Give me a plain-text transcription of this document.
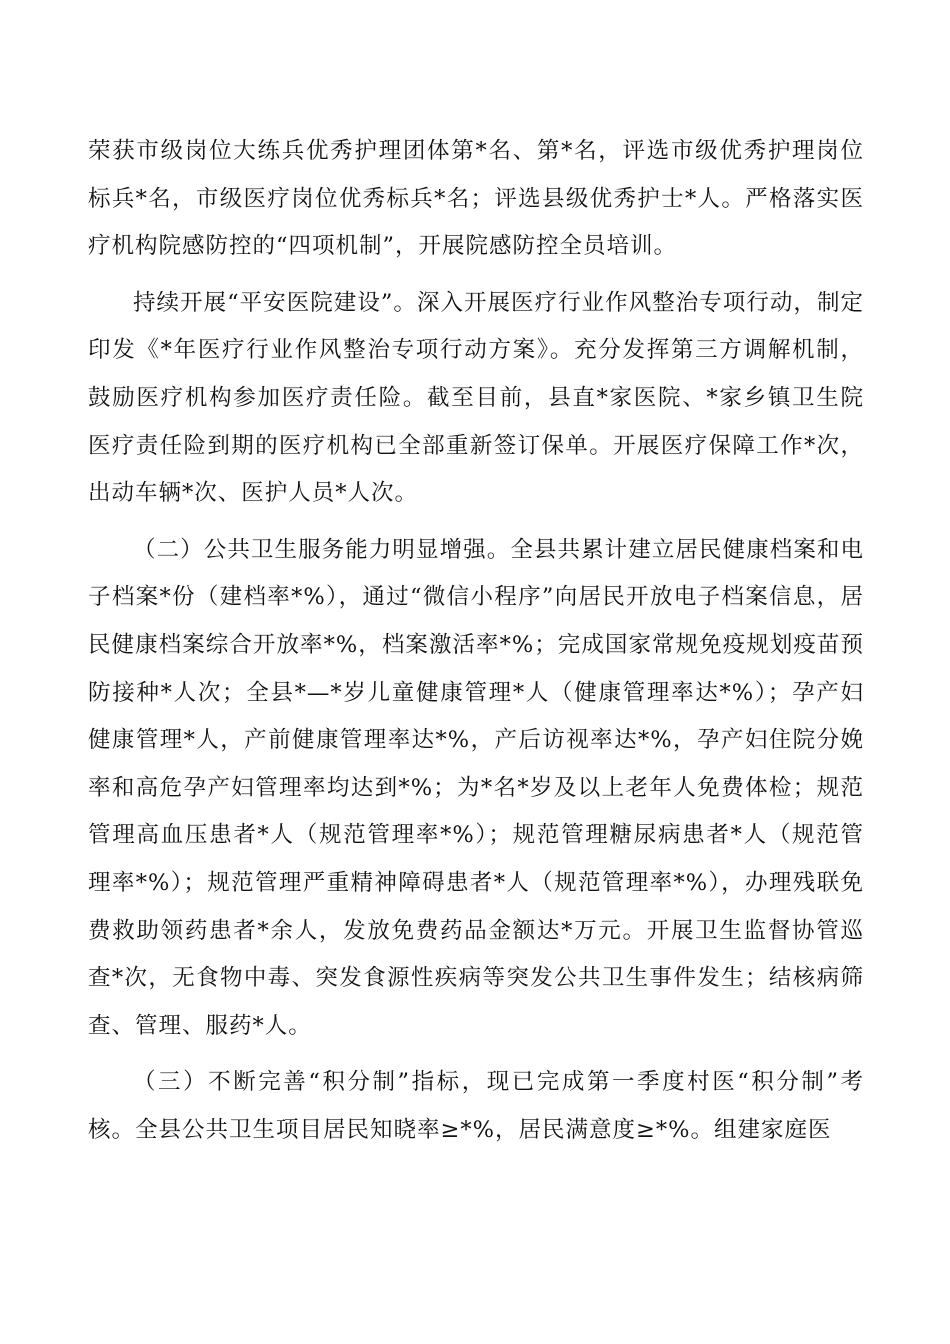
荣获市级岗位大练兵优秀护理团体第*名、第*名，评选市级优秀护理岗位标兵*名，市级医疗岗位优秀标兵*名；评选县级优秀护士*人。严格落实医疗机构院感防控的“四项机制”，开展院感防控全员培训。

持续开展“平安医院建设”。深入开展医疗行业作风整治专项行动，制定印发《*年医疗行业作风整治专项行动方案》。充分发挥第三方调解机制，鼓励医疗机构参加医疗责任险。截至目前，县直*家医院、*家乡镇卫生院医疗责任险到期的医疗机构已全部重新签订保单。开展医疗保障工作*次，出动车辆*次、医护人员*人次。

（二）公共卫生服务能力明显增强。全县共累计建立居民健康档案和电子档案*份（建档率*%），通过“微信小程序”向居民开放电子档案信息，居民健康档案综合开放率*%，档案激活率*%；完成国家常规免疫规划疫苗预防接种*人次；全县*—*岁儿童健康管理*人（健康管理率达*%）；孕产妇健康管理*人，产前健康管理率达*%，产后访视率达*%，孕产妇住院分娩率和高危孕产妇管理率均达到*%；为*名*岁及以上老年人免费体检；规范管理高血压患者*人（规范管理率*%）；规范管理糖尿病患者*人（规范管理率*%）；规范管理严重精神障碍患者*人（规范管理率*%），办理残联免费救助领药患者*余人，发放免费药品金额达*万元。开展卫生监督协管巡查*次，无食物中毒、突发食源性疾病等突发公共卫生事件发生；结核病筛查、管理、服药*人。

（三）不断完善“积分制”指标，现已完成第一季度村医“积分制”考核。全县公共卫生项目居民知晓率≥*%，居民满意度≥*%。组建家庭医
